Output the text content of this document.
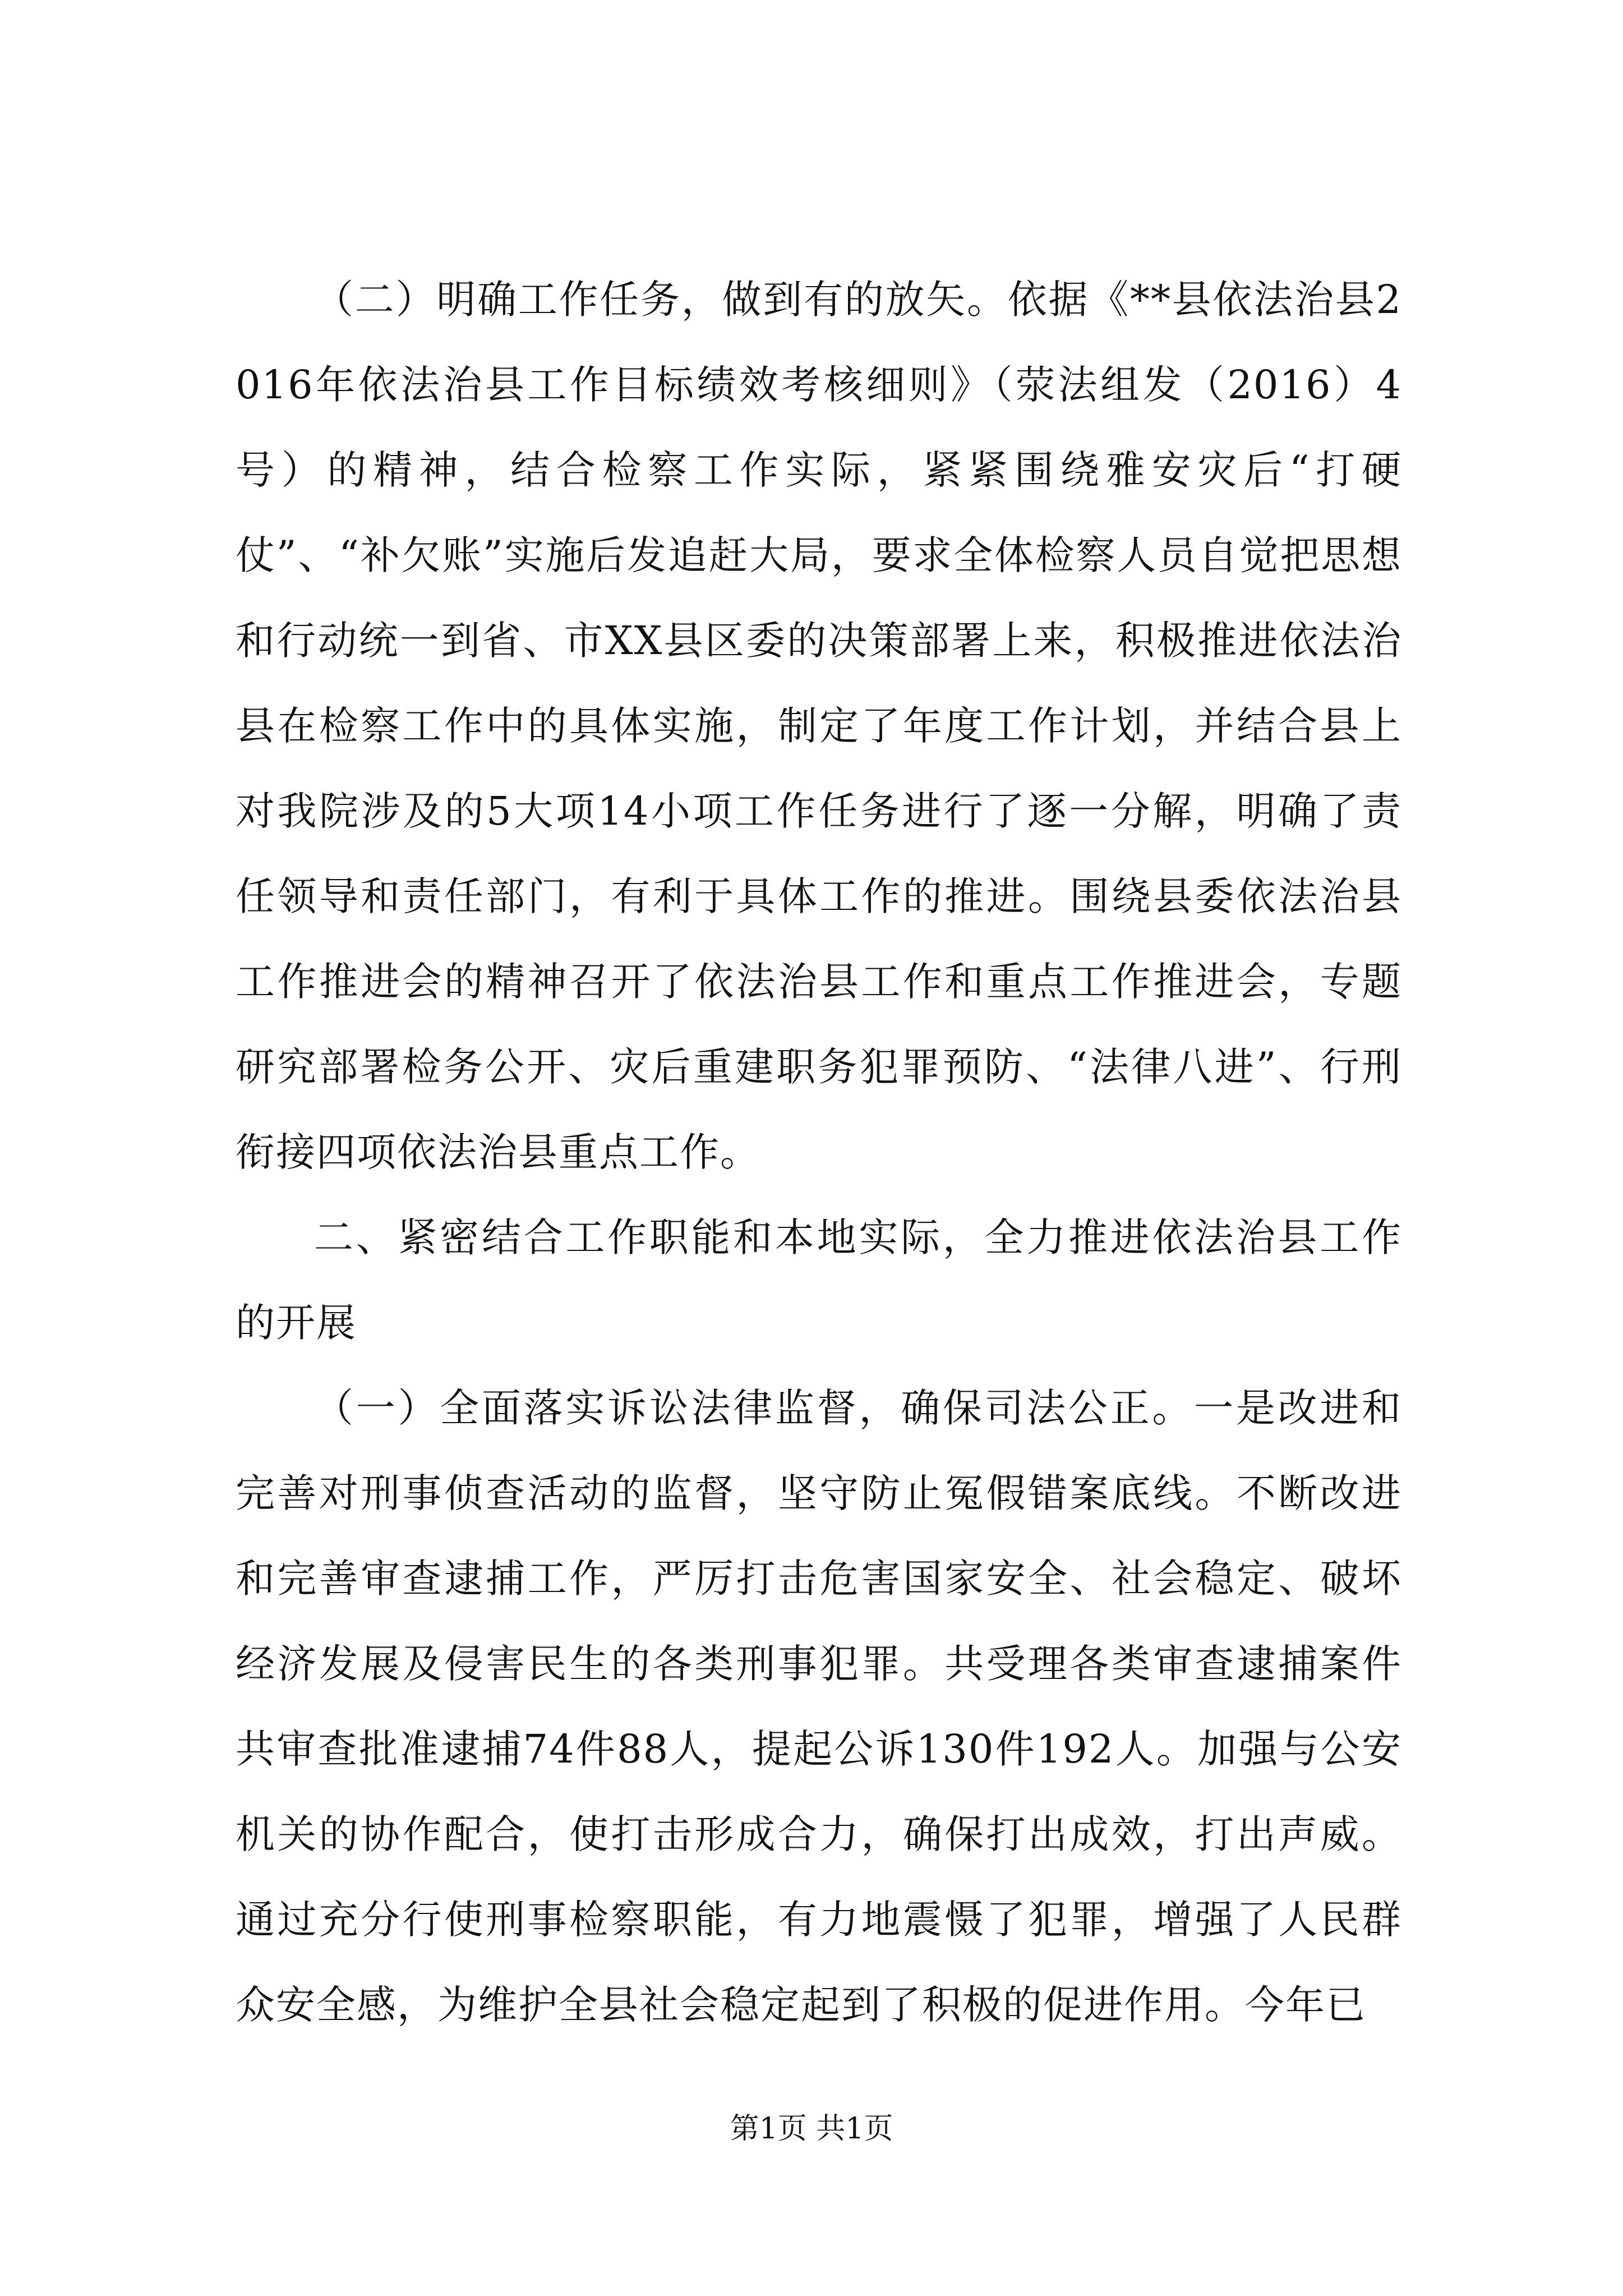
（二）明确工作任务，做到有的放矢。依据《**县依法治县2016年依法治县工作目标绩效考核细则》（荥法组发（2016）4号）的精神，结合检察工作实际，紧紧围绕雅安灾后“打硬仗”、“补欠账”实施后发追赶大局，要求全体检察人员自觉把思想和行动统一到省、市XX县区委的决策部署上来，积极推进依法治县在检察工作中的具体实施，制定了年度工作计划，并结合县上对我院涉及的5大项14小项工作任务进行了逐一分解，明确了责任领导和责任部门，有利于具体工作的推进。围绕县委依法治县工作推进会的精神召开了依法治县工作和重点工作推进会，专题研究部署检务公开、灾后重建职务犯罪预防、“法律八进”、行刑衔接四项依法治县重点工作。

二、紧密结合工作职能和本地实际，全力推进依法治县工作的开展

（一）全面落实诉讼法律监督，确保司法公正。一是改进和完善对刑事侦查活动的监督，坚守防止冤假错案底线。不断改进和完善审查逮捕工作，严厉打击危害国家安全、社会稳定、破坏经济发展及侵害民生的各类刑事犯罪。共受理各类审查逮捕案件共审查批准逮捕74件88人，提起公诉130件192人。加强与公安机关的协作配合，使打击形成合力，确保打出成效，打出声威。通过充分行使刑事检察职能，有力地震慑了犯罪，增强了人民群众安全感，为维护全县社会稳定起到了积极的促进作用。今年已

第1页 共1页
